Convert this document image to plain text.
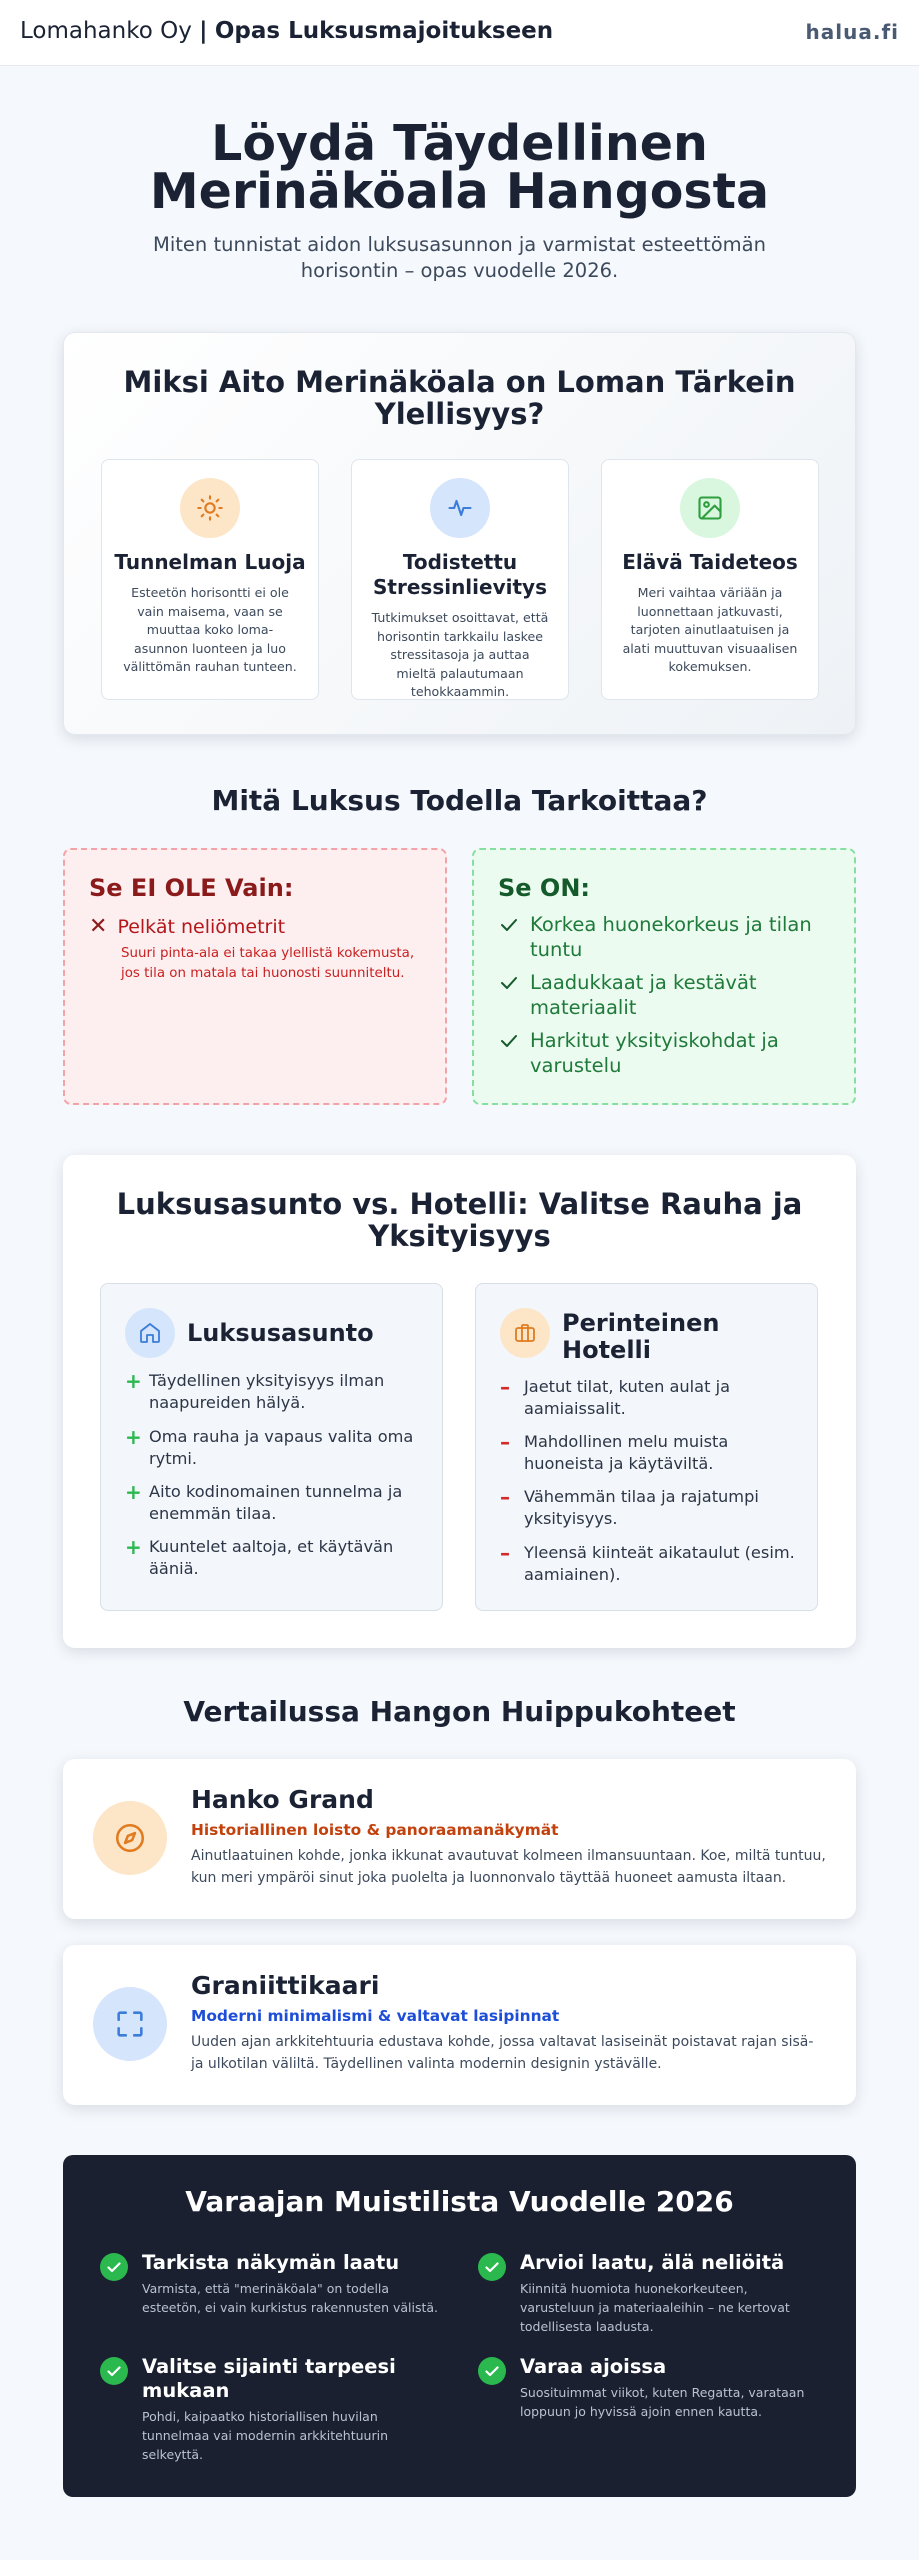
Lomahanko Oy | Opas Luksusmajoitukseen	halua.fi
Löydä Täydellinen
Merinäköala Hangosta

Miten tunnistat aidon luksusasunnon ja varmistat esteettömän horisontin – opas vuodelle 2026.

Miksi Aito Merinäköala on Loman Tärkein Ylellisyys?
Tunnelman Luoja

Esteetön horisontti ei ole vain maisema, vaan se muuttaa koko loma-asunnon luonteen ja luo välittömän rauhan tunteen.

Todistettu Stressinlievitys

Tutkimukset osoittavat, että horisontin tarkkailu laskee stressitasoja ja auttaa mieltä palautumaan tehokkaammin.

Elävä Taideteos

Meri vaihtaa väriään ja luonnettaan jatkuvasti, tarjoten ainutlaatuisen ja alati muuttuvan visuaalisen kokemuksen.

Mitä Luksus Todella Tarkoittaa?
Se EI OLE Vain:
✕ Pelkät neliömetrit

Suuri pinta-ala ei takaa ylellistä kokemusta, jos tila on matala tai huonosti suunniteltu.

Se ON:
Korkea huonekorkeus ja tilan tuntu
Laadukkaat ja kestävät materiaalit
Harkitut yksityiskohdat ja varustelu
Luksusasunto vs. Hotelli: Valitse Rauha ja Yksityisyys
Luksusasunto
+ Täydellinen yksityisyys ilman naapureiden hälyä.
+ Oma rauha ja vapaus valita oma rytmi.
+ Aito kodinomainen tunnelma ja enemmän tilaa.
+ Kuuntelet aaltoja, et käytävän ääniä.
Perinteinen Hotelli
– Jaetut tilat, kuten aulat ja aamiaissalit.
– Mahdollinen melu muista huoneista ja käytäviltä.
– Vähemmän tilaa ja rajatumpi yksityisyys.
– Yleensä kiinteät aikataulut (esim. aamiainen).
Vertailussa Hangon Huippukohteet
Hanko Grand
Historiallinen loisto & panoraamanäkymät

Ainutlaatuinen kohde, jonka ikkunat avautuvat kolmeen ilmansuuntaan. Koe, miltä tuntuu, kun meri ympäröi sinut joka puolelta ja luonnonvalo täyttää huoneet aamusta iltaan.

Graniittikaari
Moderni minimalismi & valtavat lasipinnat

Uuden ajan arkkitehtuuria edustava kohde, jossa valtavat lasiseinät poistavat rajan sisä- ja ulkotilan väliltä. Täydellinen valinta modernin designin ystävälle.

Varaajan Muistilista Vuodelle 2026
Tarkista näkymän laatu

Varmista, että "merinäköala" on todella esteetön, ei vain kurkistus rakennusten välistä.

Arvioi laatu, älä neliöitä

Kiinnitä huomiota huonekorkeuteen, varusteluun ja materiaaleihin – ne kertovat todellisesta laadusta.

Valitse sijainti tarpeesi mukaan

Pohdi, kaipaatko historiallisen huvilan tunnelmaa vai modernin arkkitehtuurin selkeyttä.

Varaa ajoissa

Suosituimmat viikot, kuten Regatta, varataan loppuun jo hyvissä ajoin ennen kautta.
